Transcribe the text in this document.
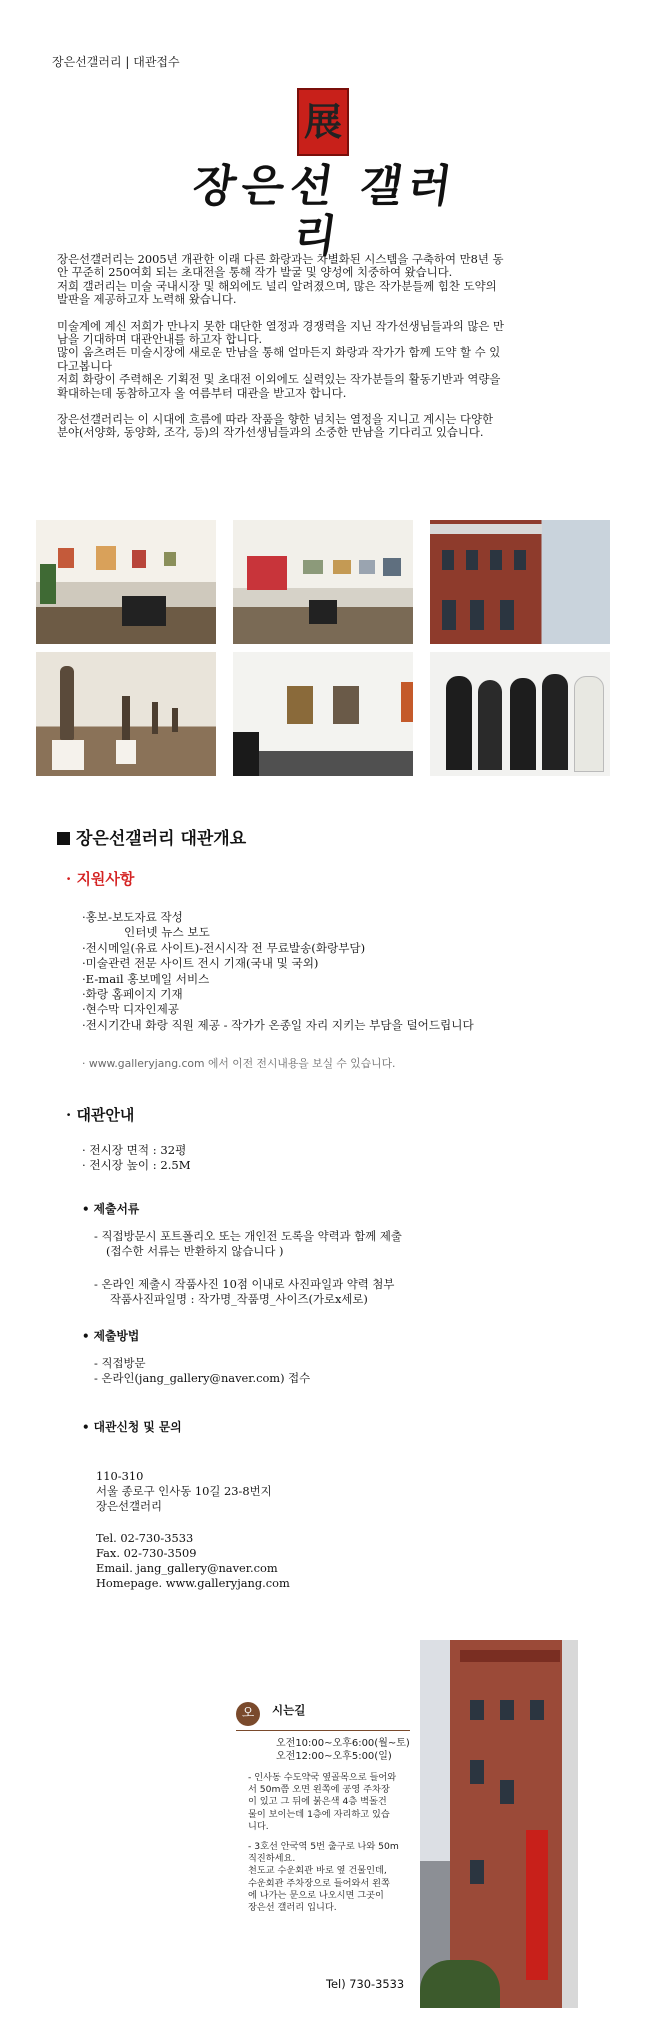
장은선갤러리 | 대관접수
展
장은선 갤러리

장은선갤러리는 2005년 개관한 이래 다른 화랑과는 차별화된 시스템을 구축하여 만8년 동
안 꾸준히 250여회 되는 초대전을 통해 작가 발굴 및 양성에 치중하여 왔습니다.
저희 갤러리는 미술 국내시장 및 해외에도 널리 알려졌으며, 많은 작가분들께 힘찬 도약의
발판을 제공하고자 노력해 왔습니다.

미술계에 계신 저희가 만나지 못한 대단한 열정과 경쟁력을 지닌 작가선생님들과의 많은 만
남을 기대하며 대관안내를 하고자 합니다.
많이 움츠려든 미술시장에 새로운 만남을 통해 얼마든지 화랑과 작가가 함께 도약 할 수 있
다고봅니다
저희 화랑이 주력해온 기획전 및 초대전 이외에도 실력있는 작가분들의 활동기반과 역량을
확대하는데 동참하고자 올 여름부터 대관을 받고자 합니다.

장은선갤러리는 이 시대에 흐름에 따라 작품을 향한 넘치는 열정을 지니고 계시는 다양한
분야(서양화, 동양화, 조각, 등)의 작가선생님들과의 소중한 만남을 기다리고 있습니다.

장은선갤러리 대관개요
· 지원사항
·홍보-보도자료 작성
인터넷 뉴스 보도
·전시메일(유료 사이트)-전시시작 전 무료발송(화랑부담)
·미술관련 전문 사이트 전시 기재(국내 및 국외)
·E-mail 홍보메일 서비스
·화랑 홈페이지 기재
·현수막 디자인제공
·전시기간내 화랑 직원 제공 - 작가가 온종일 자리 지키는 부담을 덜어드립니다
· www.galleryjang.com 에서 이전 전시내용을 보실 수 있습니다.
· 대관안내
· 전시장 면적 : 32평
· 전시장 높이 : 2.5M
• 제출서류
- 직접방문시 포트폴리오 또는 개인전 도록을 약력과 함께 제출
(접수한 서류는 반환하지 않습니다 )
- 온라인 제출시 작품사진 10점 이내로 사진파일과 약력 첨부
작품사진파일명 : 작가명_작품명_사이즈(가로x세로)
• 제출방법
- 직접방문
- 온라인(jang_gallery@naver.com) 접수
• 대관신청 및 문의
110-310
서울 종로구 인사동 10길 23-8번지
장은선갤러리
Tel. 02-730-3533
Fax. 02-730-3509
Email. jang_gallery@naver.com
Homepage. www.galleryjang.com
오	시는길
오전10:00~오후6:00(월~토)
오전12:00~오후5:00(일)

- 인사동 수도약국 옆골목으로 들어와
서 50m쯤 오면 왼쪽에 공영 주차장
이 있고 그 뒤에 붉은색 4층 벽돌건
물이 보이는데 1층에 자리하고 있습
니다.

- 3호선 안국역 5번 출구로 나와 50m
직진하세요.
천도교 수운회관 바로 옆 건물인데,
수운회관 주차장으로 들어와서 왼쪽
에 나가는 문으로 나오시면 그곳이
장은선 갤러리 입니다.

Tel) 730-3533
